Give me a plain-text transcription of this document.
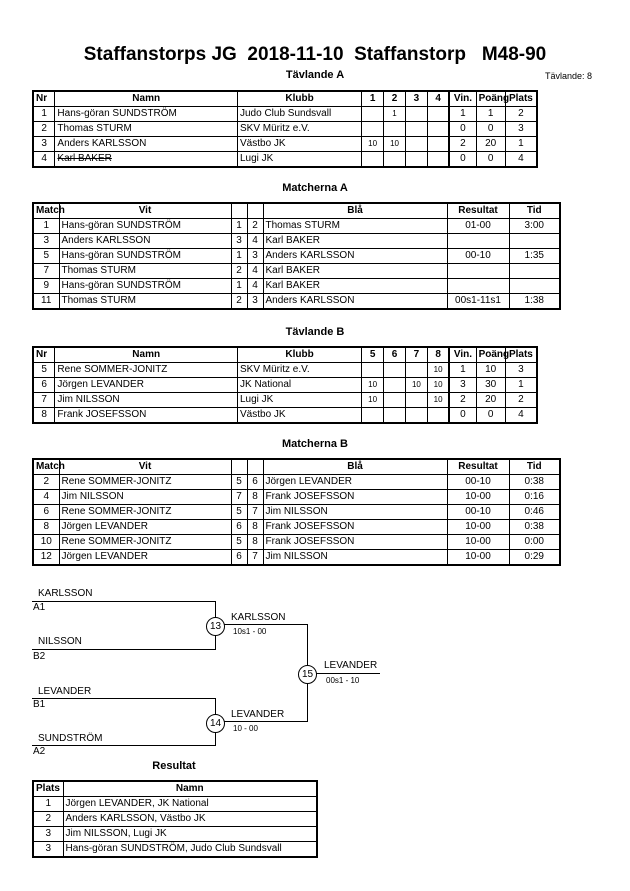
Staffanstorps JG  2018-11-10  Staffanstorp   M48-90
Tävlande A	Tävlande: 8
Nr	Namn	Klubb	1	2	3	4	Vin.	Poäng	Plats
1	Hans-göran SUNDSTRÖM	Judo Club Sundsvall		1			1	1	2
2	Thomas STURM	SKV Müritz e.V.					0	0	3
3	Anders KARLSSON	Västbo JK	10	10			2	20	1
4	Karl BAKER	Lugi JK					0	0	4
Matcherna A
Match	Vit			Blå	Resultat	Tid
1	Hans-göran SUNDSTRÖM	1	2	Thomas STURM	01-00	3:00
3	Anders KARLSSON	3	4	Karl BAKER		
5	Hans-göran SUNDSTRÖM	1	3	Anders KARLSSON	00-10	1:35
7	Thomas STURM	2	4	Karl BAKER		
9	Hans-göran SUNDSTRÖM	1	4	Karl BAKER		
11	Thomas STURM	2	3	Anders KARLSSON	00s1-11s1	1:38
Tävlande B
Nr	Namn	Klubb	5	6	7	8	Vin.	Poäng	Plats
5	Rene SOMMER-JONITZ	SKV Müritz e.V.				10	1	10	3
6	Jörgen LEVANDER	JK National	10		10	10	3	30	1
7	Jim NILSSON	Lugi JK	10			10	2	20	2
8	Frank JOSEFSSON	Västbo JK					0	0	4
Matcherna B
Match	Vit			Blå	Resultat	Tid
2	Rene SOMMER-JONITZ	5	6	Jörgen LEVANDER	00-10	0:38
4	Jim NILSSON	7	8	Frank JOSEFSSON	10-00	0:16
6	Rene SOMMER-JONITZ	5	7	Jim NILSSON	00-10	0:46
8	Jörgen LEVANDER	6	8	Frank JOSEFSSON	10-00	0:38
10	Rene SOMMER-JONITZ	5	8	Frank JOSEFSSON	10-00	0:00
12	Jörgen LEVANDER	6	7	Jim NILSSON	10-00	0:29
KARLSSON
A1
NILSSON
B2
13
KARLSSON
10s1 - 00
LEVANDER
B1
SUNDSTRÖM
A2
14
LEVANDER
10 - 00
15
LEVANDER
00s1 - 10
Resultat
Plats	Namn
1	Jörgen LEVANDER, JK National
2	Anders KARLSSON, Västbo JK
3	Jim NILSSON, Lugi JK
3	Hans-göran SUNDSTRÖM, Judo Club Sundsvall
